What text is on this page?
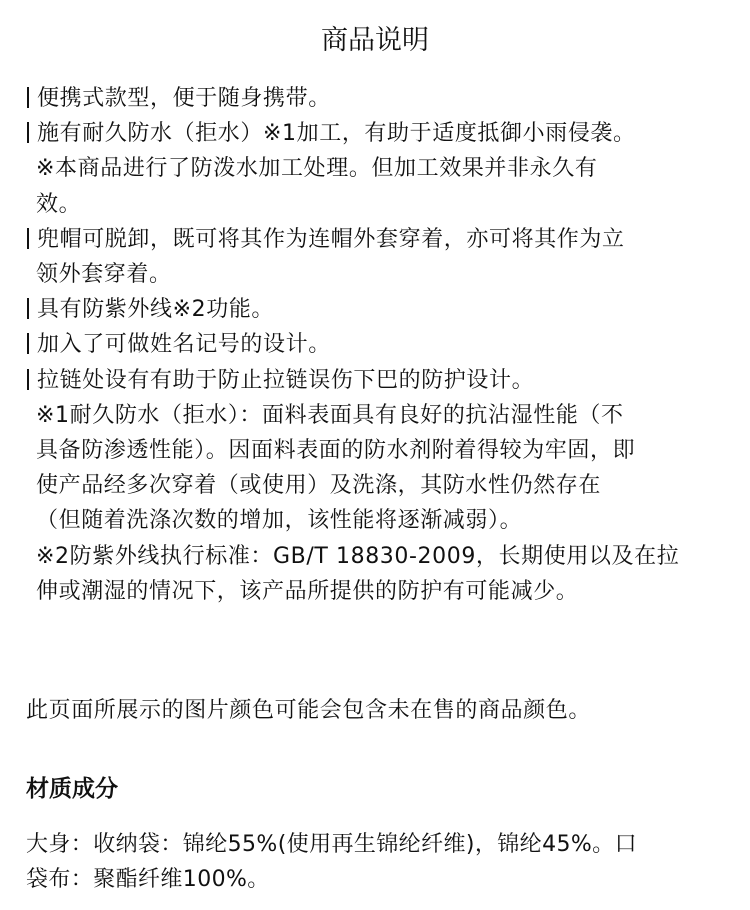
商品说明
便携式款型，便于随身携带。
施有耐久防水（拒水）※1加工，有助于适度抵御小雨侵袭。
※本商品进行了防泼水加工处理。但加工效果并非永久有
效。
兜帽可脱卸，既可将其作为连帽外套穿着，亦可将其作为立
领外套穿着。
具有防紫外线※2功能。
加入了可做姓名记号的设计。
拉链处设有有助于防止拉链误伤下巴的防护设计。
※1耐久防水（拒水）：面料表面具有良好的抗沾湿性能（不
具备防渗透性能）。因面料表面的防水剂附着得较为牢固，即
使产品经多次穿着（或使用）及洗涤，其防水性仍然存在
（但随着洗涤次数的增加，该性能将逐渐减弱）。
※2防紫外线执行标准：GB/T 18830-2009，长期使用以及在拉
伸或潮湿的情况下，该产品所提供的防护有可能减少。
此页面所展示的图片颜色可能会包含未在售的商品颜色。
材质成分
大身：收纳袋：锦纶55%(使用再生锦纶纤维)，锦纶45%。口
袋布：聚酯纤维100%。
